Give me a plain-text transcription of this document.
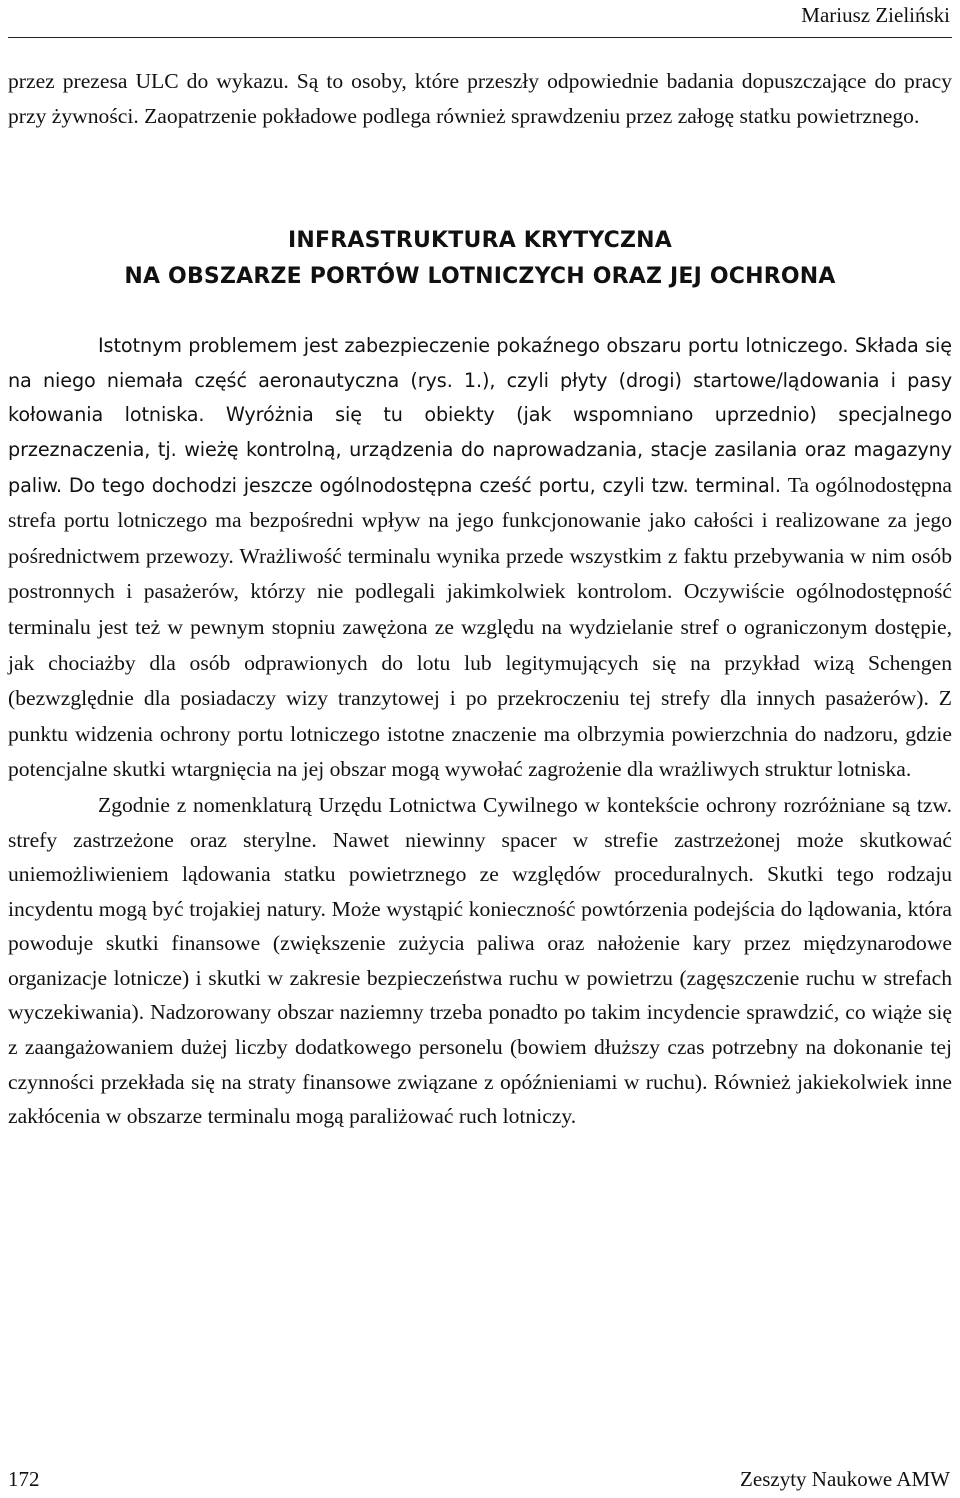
Mariusz Zieliński

przez prezesa ULC do wykazu. Są to osoby, które przeszły odpowiednie badania dopuszczające do pracy przy żywności. Zaopatrzenie pokładowe podlega również sprawdzeniu przez załogę statku powietrznego.

INFRASTRUKTURA KRYTYCZNA
NA OBSZARZE PORTÓW LOTNICZYCH ORAZ JEJ OCHRONA

Istotnym problemem jest zabezpieczenie pokaźnego obszaru portu lotniczego. Składa się na niego niemała część aeronautyczna (rys. 1.), czyli płyty (drogi) startowe/lądowania i pasy kołowania lotniska. Wyróżnia się tu obiekty (jak wspomniano uprzednio) specjalnego przeznaczenia, tj. wieżę kontrolną, urządzenia do naprowadzania, stacje zasilania oraz magazyny paliw. Do tego dochodzi jeszcze ogólnodostępna cześć portu, czyli tzw. terminal. Ta ogólnodostępna strefa portu lotniczego ma bezpośredni wpływ na jego funkcjonowanie jako całości i realizowane za jego pośrednictwem przewozy. Wrażliwość terminalu wynika przede wszystkim z faktu przebywania w nim osób postronnych i pasażerów, którzy nie podlegali jakimkolwiek kontrolom. Oczywiście ogólnodostępność terminalu jest też w pewnym stopniu zawężona ze względu na wydzielanie stref o ograniczonym dostępie, jak chociażby dla osób odprawionych do lotu lub legitymujących się na przykład wizą Schengen (bezwzględnie dla posiadaczy wizy tranzytowej i po przekroczeniu tej strefy dla innych pasażerów). Z punktu widzenia ochrony portu lotniczego istotne znaczenie ma olbrzymia powierzchnia do nadzoru, gdzie potencjalne skutki wtargnięcia na jej obszar mogą wywołać zagrożenie dla wrażliwych struktur lotniska.

Zgodnie z nomenklaturą Urzędu Lotnictwa Cywilnego w kontekście ochrony rozróżniane są tzw. strefy zastrzeżone oraz sterylne. Nawet niewinny spacer w strefie zastrzeżonej może skutkować uniemożliwieniem lądowania statku powietrznego ze względów proceduralnych. Skutki tego rodzaju incydentu mogą być trojakiej natury. Może wystąpić konieczność powtórzenia podejścia do lądowania, która powoduje skutki finansowe (zwiększenie zużycia paliwa oraz nałożenie kary przez międzynarodowe organizacje lotnicze) i skutki w zakresie bezpieczeństwa ruchu w powietrzu (zagęszczenie ruchu w strefach wyczekiwania). Nadzorowany obszar naziemny trzeba ponadto po takim incydencie sprawdzić, co wiąże się z zaangażowaniem dużej liczby dodatkowego personelu (bowiem dłuższy czas potrzebny na dokonanie tej czynności przekłada się na straty finansowe związane z opóźnieniami w ruchu). Również jakiekolwiek inne zakłócenia w obszarze terminalu mogą paraliżować ruch lotniczy.

172	Zeszyty Naukowe AMW
